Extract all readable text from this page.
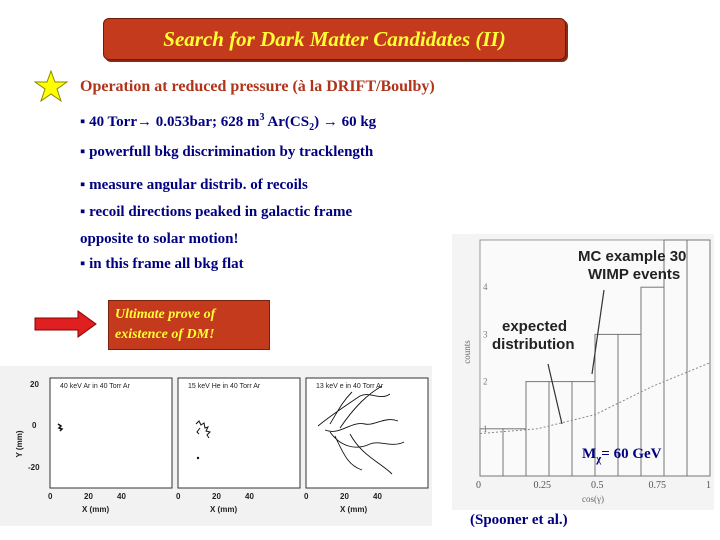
Search for Dark Matter Candidates (II)
Operation at reduced pressure (à la DRIFT/Boulby)
▪ 40 Torr→ 0.053bar; 628 $m^3$ $Ar(CS_2) \to 60$ kg
▪ powerfull bkg discrimination by tracklength
▪ measure angular distrib. of recoils
▪ recoil directions peaked in galactic frame
opposite to solar motion!
▪ in this frame all bkg flat
Ultimate prove of
existence of DM!
Y (mm)
20
0
-20
40 keV Ar in 40 Torr Ar
0	20	40
X (mm)
15 keV He in 40 Torr Ar
0	20	40
X (mm)
13 keV e in 40 Torr Ar
0	20	40
X (mm)
1
2
3
4
0	0.25	0.5	0.75	1
counts
cos(γ)
MC example 30
WIMP events
expected
distribution
$M_\chi= 60$ GeV
(Spooner et al.)
